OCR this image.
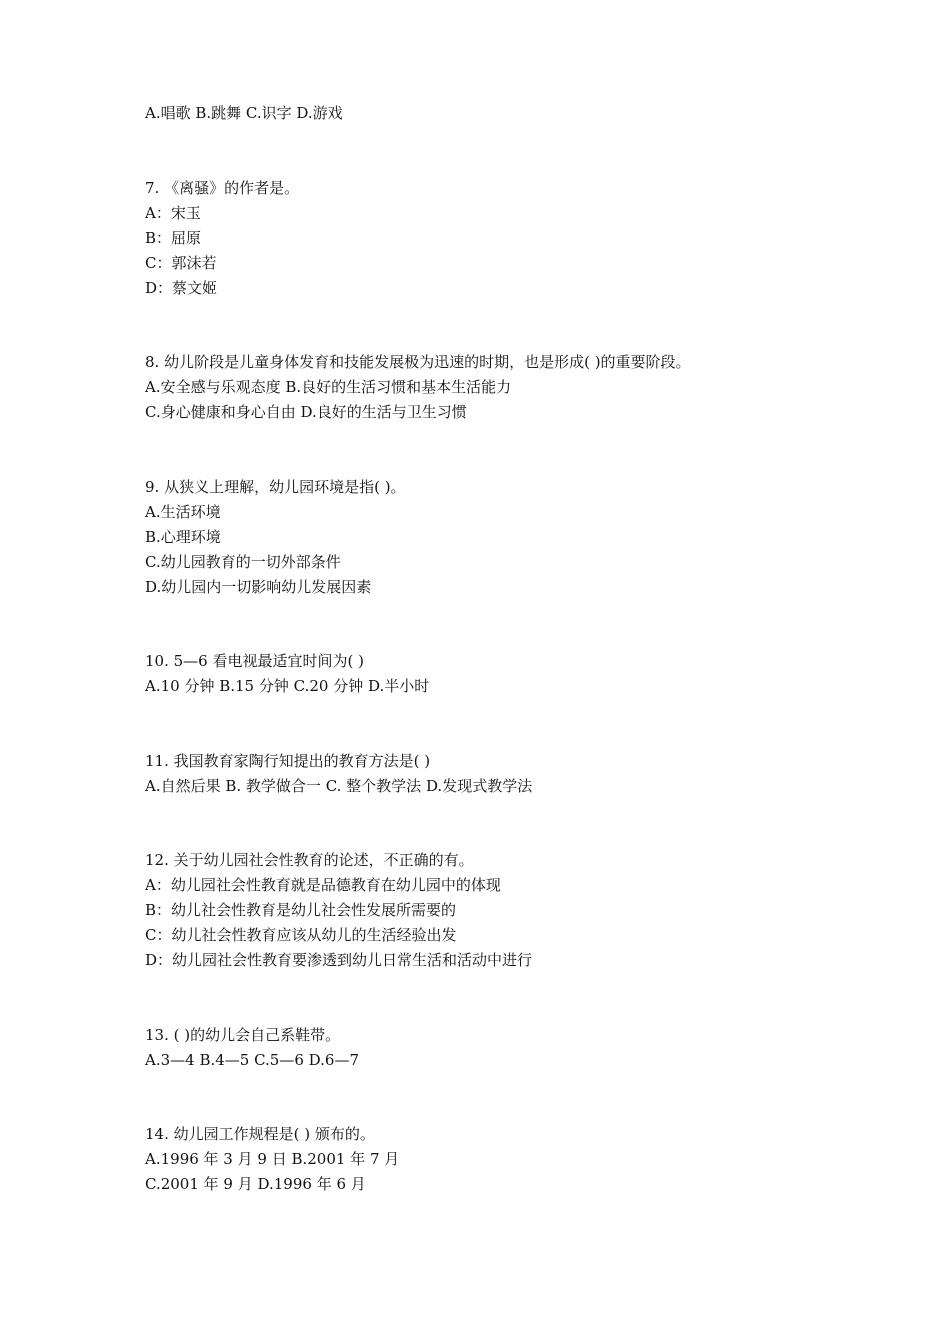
A.唱歌 B.跳舞 C.识字 D.游戏
7. 《离骚》的作者是。
A：宋玉
B：屈原
C：郭沫若
D：蔡文姬
8. 幼儿阶段是儿童身体发育和技能发展极为迅速的时期，也是形成( )的重要阶段。
A.安全感与乐观态度 B.良好的生活习惯和基本生活能力
C.身心健康和身心自由 D.良好的生活与卫生习惯
9. 从狭义上理解，幼儿园环境是指( )。
A.生活环境
B.心理环境
C.幼儿园教育的一切外部条件
D.幼儿园内一切影响幼儿发展因素
10. 5—6 看电视最适宜时间为( )
A.10 分钟 B.15 分钟 C.20 分钟 D.半小时
11. 我国教育家陶行知提出的教育方法是( )
A.自然后果 B. 教学做合一 C. 整个教学法 D.发现式教学法
12. 关于幼儿园社会性教育的论述，不正确的有。
A：幼儿园社会性教育就是品德教育在幼儿园中的体现
B：幼儿社会性教育是幼儿社会性发展所需要的
C：幼儿社会性教育应该从幼儿的生活经验出发
D：幼儿园社会性教育要渗透到幼儿日常生活和活动中进行
13. ( )的幼儿会自己系鞋带。
A.3—4 B.4—5 C.5—6 D.6—7
14. 幼儿园工作规程是( ) 颁布的。
A.1996 年 3 月 9 日 B.2001 年 7 月
C.2001 年 9 月 D.1996 年 6 月
